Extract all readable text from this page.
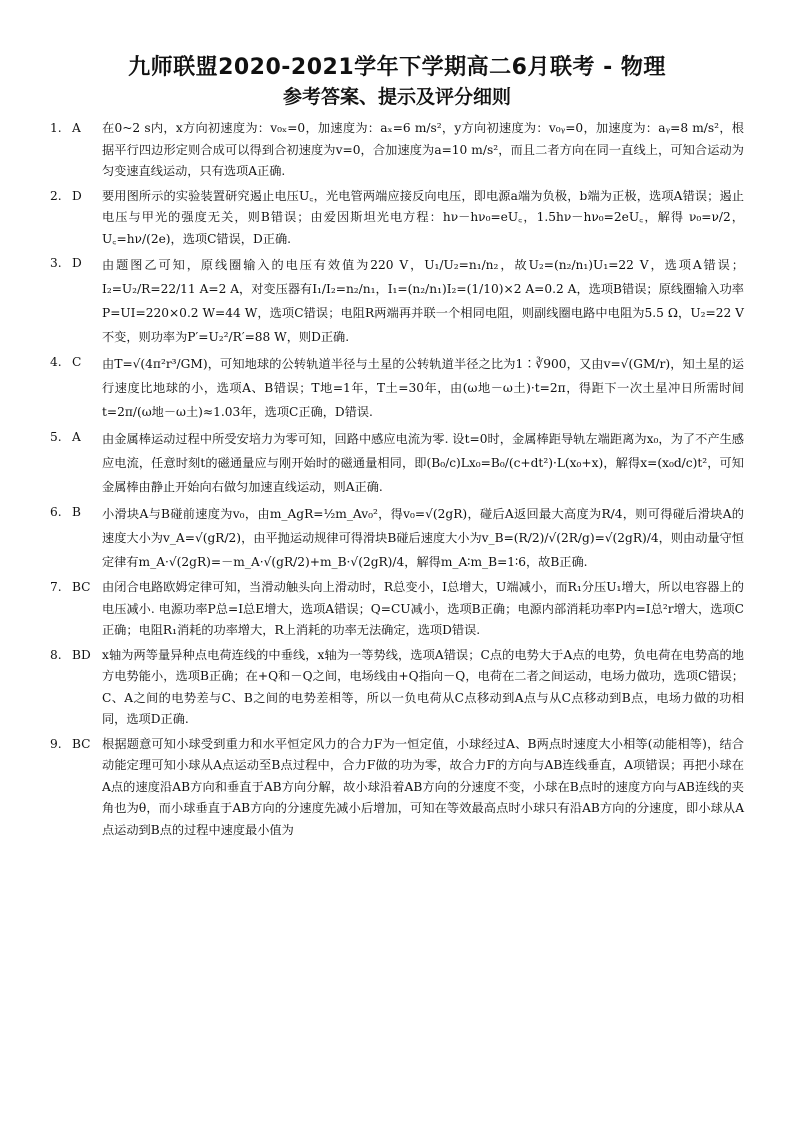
九师联盟2020-2021学年下学期高二6月联考 - 物理
参考答案、提示及评分细则
1. A	在0~2 s内，x方向初速度为：v₀ₓ=0，加速度为：aₓ=6 m/s²，y方向初速度为：v₀ᵧ=0，加速度为：aᵧ=8 m/s²，根据平行四边形定则合成可以得到合初速度为v=0，合加速度为a=10 m/s²，而且二者方向在同一直线上，可知合运动为匀变速直线运动，只有选项A正确.
2. D	要用图所示的实验装置研究遏止电压U꜀，光电管两端应接反向电压，即电源a端为负极，b端为正极，选项A错误；遏止电压与甲光的强度无关，则B错误；由爱因斯坦光电方程：hν－hν₀=eU꜀，1.5hν－hν₀=2eU꜀，解得 ν₀=ν/2，U꜀=hν/(2e)，选项C错误，D正确.
3. D	由题图乙可知，原线圈输入的电压有效值为220 V，U₁/U₂=n₁/n₂，故U₂=(n₂/n₁)U₁=22 V，选项A错误；I₂=U₂/R=22/11 A=2 A，对变压器有I₁/I₂=n₂/n₁，I₁=(n₂/n₁)I₂=(1/10)×2 A=0.2 A，选项B错误；原线圈输入功率P=UI=220×0.2 W=44 W，选项C错误；电阻R两端再并联一个相同电阻，则副线圈电路中电阻为5.5 Ω，U₂=22 V不变，则功率为P′=U₂²/R′=88 W，则D正确.
4. C	由T=√(4π²r³/GM)，可知地球的公转轨道半径与土星的公转轨道半径之比为1∶∛900，又由v=√(GM/r)，知土星的运行速度比地球的小，选项A、B错误；T地=1年，T土=30年，由(ω地－ω土)·t=2π，得距下一次土星冲日所需时间t=2π/(ω地－ω土)≈1.03年，选项C正确，D错误.
5. A	由金属棒运动过程中所受安培力为零可知，回路中感应电流为零. 设t=0时，金属棒距导轨左端距离为x₀，为了不产生感应电流，任意时刻t的磁通量应与刚开始时的磁通量相同，即(B₀/c)Lx₀=B₀/(c+dt²)·L(x₀+x)，解得x=(x₀d/c)t²，可知金属棒由静止开始向右做匀加速直线运动，则A正确.
6. B	小滑块A与B碰前速度为v₀，由m_AgR=½m_Av₀²，得v₀=√(2gR)，碰后A返回最大高度为R/4，则可得碰后滑块A的速度大小为v_A=√(gR/2)，由平抛运动规律可得滑块B碰后速度大小为v_B=(R/2)/√(2R/g)=√(2gR)/4，则由动量守恒定律有m_A·√(2gR)=－m_A·√(gR/2)+m_B·√(2gR)/4，解得m_A∶m_B=1∶6，故B正确.
7. BC 由闭合电路欧姆定律可知，当滑动触头向上滑动时，R总变小，I总增大，U端减小，而R₁分压U₁增大，所以电容器上的电压减小. 电源功率P总=I总E增大，选项A错误；Q=CU减小，选项B正确；电源内部消耗功率P内=I总²r增大，选项C正确；电阻R₁消耗的功率增大，R上消耗的功率无法确定，选项D错误.
8. BD x轴为两等量异种点电荷连线的中垂线，x轴为一等势线，选项A错误；C点的电势大于A点的电势，负电荷在电势高的地方电势能小，选项B正确；在+Q和－Q之间，电场线由+Q指向－Q，电荷在二者之间运动，电场力做功，选项C错误；C、A之间的电势差与C、B之间的电势差相等，所以一负电荷从C点移动到A点与从C点移动到B点，电场力做的功相同，选项D正确.
9. BC 根据题意可知小球受到重力和水平恒定风力的合力F为一恒定值，小球经过A、B两点时速度大小相等(动能相等)，结合动能定理可知小球从A点运动至B点过程中，合力F做的功为零，故合力F的方向与AB连线垂直，A项错误；再把小球在A点的速度沿AB方向和垂直于AB方向分解，故小球沿着AB方向的分速度不变，小球在B点时的速度方向与AB连线的夹角也为θ，而小球垂直于AB方向的分速度先减小后增加，可知在等效最高点时小球只有沿AB方向的分速度，即小球从A点运动到B点的过程中速度最小值为
